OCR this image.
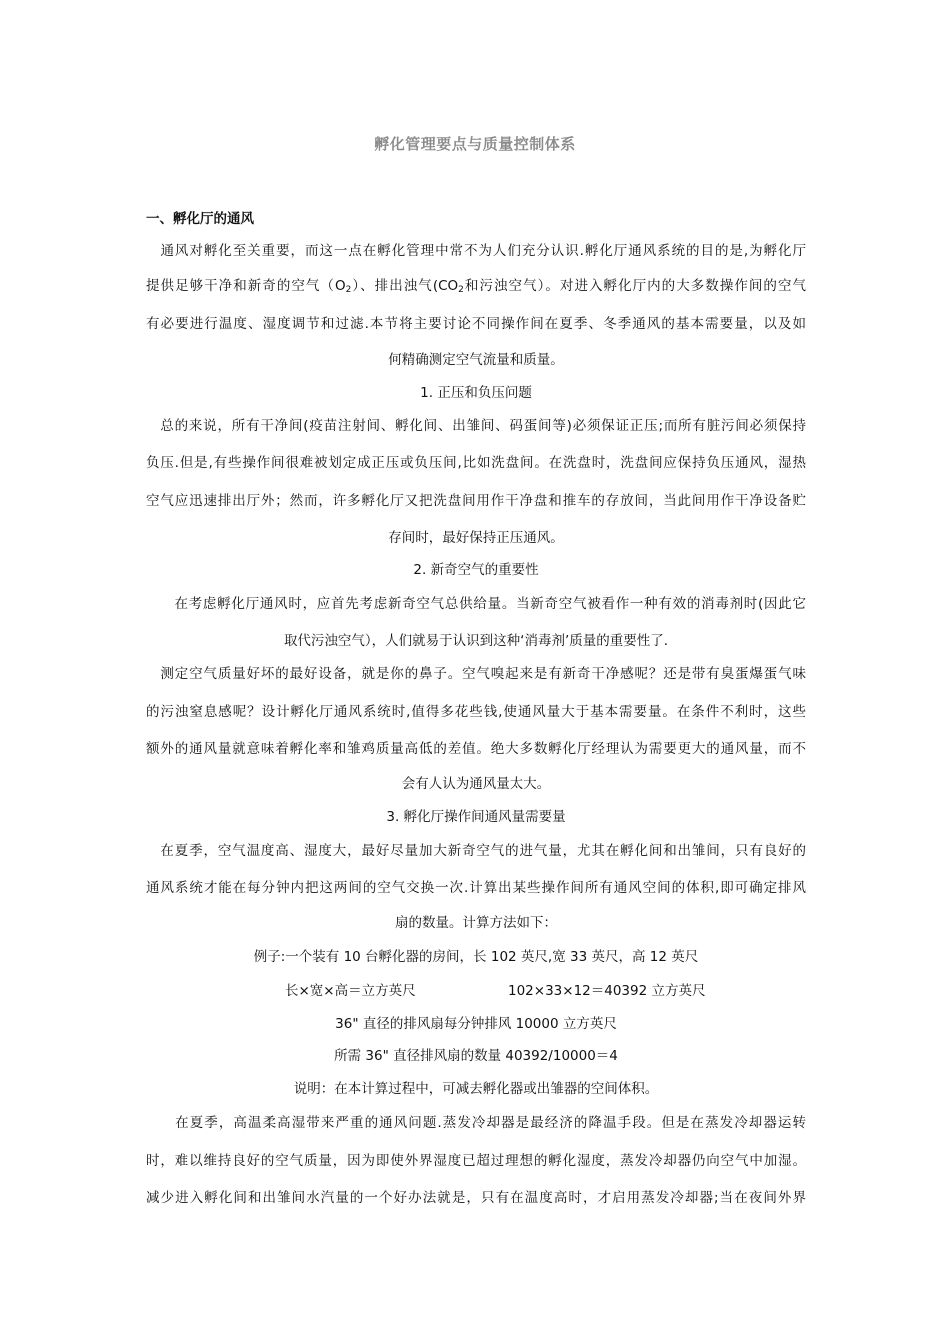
孵化管理要点与质量控制体系
一、孵化厅的通风
　通风对孵化至关重要，而这一点在孵化管理中常不为人们充分认识.孵化厅通风系统的目的是,为孵化厅
提供足够干净和新奇的空气$(O_2)$、排出浊气($CO_2$和污浊空气）。对进入孵化厅内的大多数操作间的空气
有必要进行温度、湿度调节和过滤.本节将主要讨论不同操作间在夏季、冬季通风的基本需要量，以及如
何精确测定空气流量和质量。
1. 正压和负压问题
　总的来说，所有干净间(疫苗注射间、孵化间、出雏间、码蛋间等)必须保证正压;而所有脏污间必须保持
负压.但是,有些操作间很难被划定成正压或负压间,比如洗盘间。在洗盘时，洗盘间应保持负压通风，湿热
空气应迅速排出厅外；然而，许多孵化厅又把洗盘间用作干净盘和推车的存放间，当此间用作干净设备贮
存间时，最好保持正压通风。
2. 新奇空气的重要性
　　在考虑孵化厅通风时，应首先考虑新奇空气总供给量。当新奇空气被看作一种有效的消毒剂时(因此它
取代污浊空气），人们就易于认识到这种‘消毒剂’质量的重要性了.
　测定空气质量好坏的最好设备，就是你的鼻子。空气嗅起来是有新奇干净感呢？还是带有臭蛋爆蛋气味
的污浊窒息感呢？设计孵化厅通风系统时,值得多花些钱,使通风量大于基本需要量。在条件不利时，这些
额外的通风量就意味着孵化率和雏鸡质量高低的差值。绝大多数孵化厅经理认为需要更大的通风量，而不
会有人认为通风量太大。
3. 孵化厅操作间通风量需要量
　在夏季，空气温度高、湿度大，最好尽量加大新奇空气的进气量，尤其在孵化间和出雏间，只有良好的
通风系统才能在每分钟内把这两间的空气交换一次.计算出某些操作间所有通风空间的体积,即可确定排风
扇的数量。计算方法如下：
例子:一个装有 10 台孵化器的房间，长 102 英尺,宽 33 英尺，高 12 英尺
长×宽×高＝立方英尺	102×33×12＝40392 立方英尺
36" 直径的排风扇每分钟排风 10000 立方英尺
所需 36" 直径排风扇的数量 40392/10000＝4
说明：在本计算过程中，可减去孵化器或出雏器的空间体积。
　　在夏季，高温柔高湿带来严重的通风问题.蒸发冷却器是最经济的降温手段。但是在蒸发冷却器运转
时，难以维持良好的空气质量，因为即使外界湿度已超过理想的孵化湿度，蒸发冷却器仍向空气中加湿。
减少进入孵化间和出雏间水汽量的一个好办法就是，只有在温度高时，才启用蒸发冷却器;当在夜间外界
